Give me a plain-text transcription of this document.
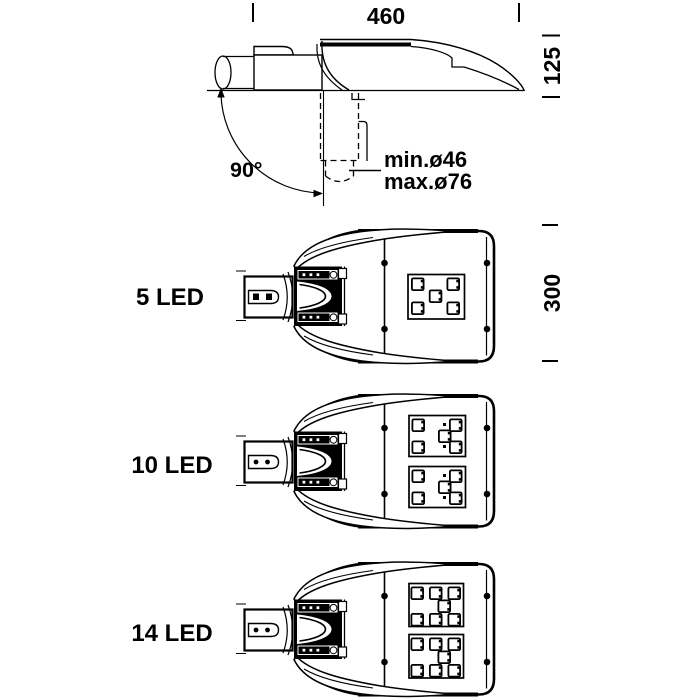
460
125
90°	min.ø46
max.ø76
5 LED	300
10 LED
14 LED
